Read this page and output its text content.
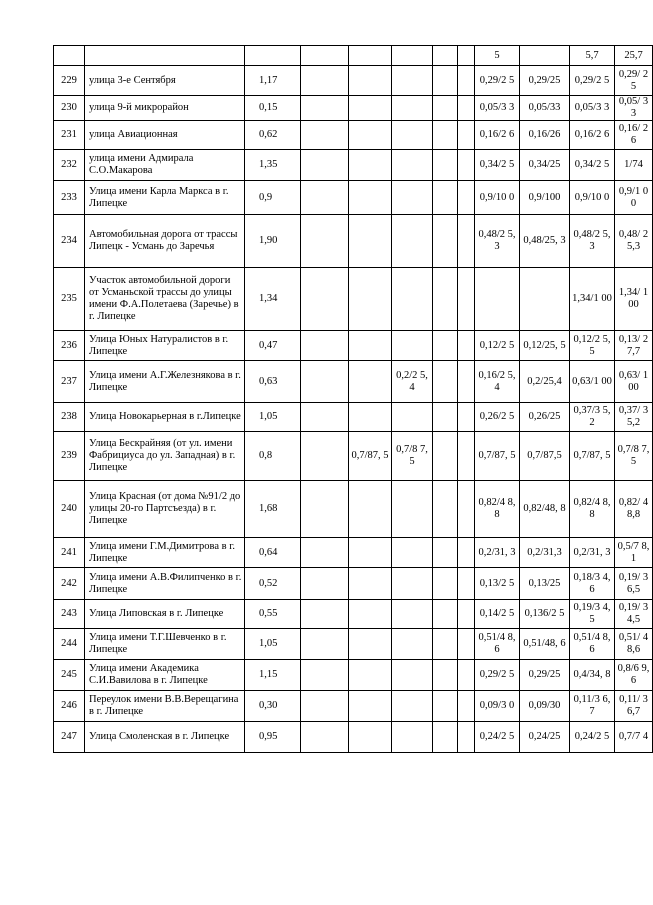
								5		5,7	25,7
229	улица 3-е Сентября	1,17						0,29/2 5	0,29/25	0,29/2 5	0,29/ 25
230	улица 9-й микрорайон	0,15						0,05/3 3	0,05/33	0,05/3 3	0,05/ 33
231	улица Авиационная	0,62						0,16/2 6	0,16/26	0,16/2 6	0,16/ 26
232	улица имени Адмирала С.О.Макарова	1,35						0,34/2 5	0,34/25	0,34/2 5	1/74
233	Улица имени Карла Маркса в г. Липецке	0,9						0,9/10 0	0,9/100	0,9/10 0	0,9/1 00
234	Автомобильная дорога от трассы Липецк - Усмань до Заречья	1,90						0,48/2 5,3	0,48/25, 3	0,48/2 5,3	0,48/ 25,3
235	Участок автомобильной дороги от Усманьской трассы до улицы имени Ф.А.Полетаева (Заречье) в г. Липецке	1,34								1,34/1 00	1,34/ 100
236	Улица Юных Натуралистов в г. Липецке	0,47						0,12/2 5	0,12/25, 5	0,12/2 5,5	0,13/ 27,7
237	Улица имени А.Г.Железнякова в г. Липецке	0,63			0,2/2 5,4			0,16/2 5,4	0,2/25,4	0,63/1 00	0,63/ 100
238	Улица Новокарьерная в г.Липецке	1,05						0,26/2 5	0,26/25	0,37/3 5,2	0,37/ 35,2
239	Улица Бескрайняя (от ул. имени Фабрициуса до ул. Западная) в г. Липецке	0,8		0,7/87, 5	0,7/8 7,5			0,7/87, 5	0,7/87,5	0,7/87, 5	0,7/8 7,5
240	Улица Красная (от дома №91/2 до улицы 20-го Партсъезда) в г. Липецке	1,68						0,82/4 8,8	0,82/48, 8	0,82/4 8,8	0,82/ 48,8
241	Улица имени Г.М.Димитрова в г. Липецке	0,64						0,2/31, 3	0,2/31,3	0,2/31, 3	0,5/7 8,1
242	Улица имени А.В.Филипченко в г. Липецке	0,52						0,13/2 5	0,13/25	0,18/3 4,6	0,19/ 36,5
243	Улица Липовская в г. Липецке	0,55						0,14/2 5	0,136/2 5	0,19/3 4,5	0,19/ 34,5
244	Улица имени Т.Г.Шевченко в г. Липецке	1,05						0,51/4 8,6	0,51/48, 6	0,51/4 8,6	0,51/ 48,6
245	Улица имени Академика С.И.Вавилова в г. Липецке	1,15						0,29/2 5	0,29/25	0,4/34, 8	0,8/6 9,6
246	Переулок имени В.В.Верещагина в г. Липецке	0,30						0,09/3 0	0,09/30	0,11/3 6,7	0,11/ 36,7
247	Улица Смоленская в г. Липецке	0,95						0,24/2 5	0,24/25	0,24/2 5	0,7/7 4
